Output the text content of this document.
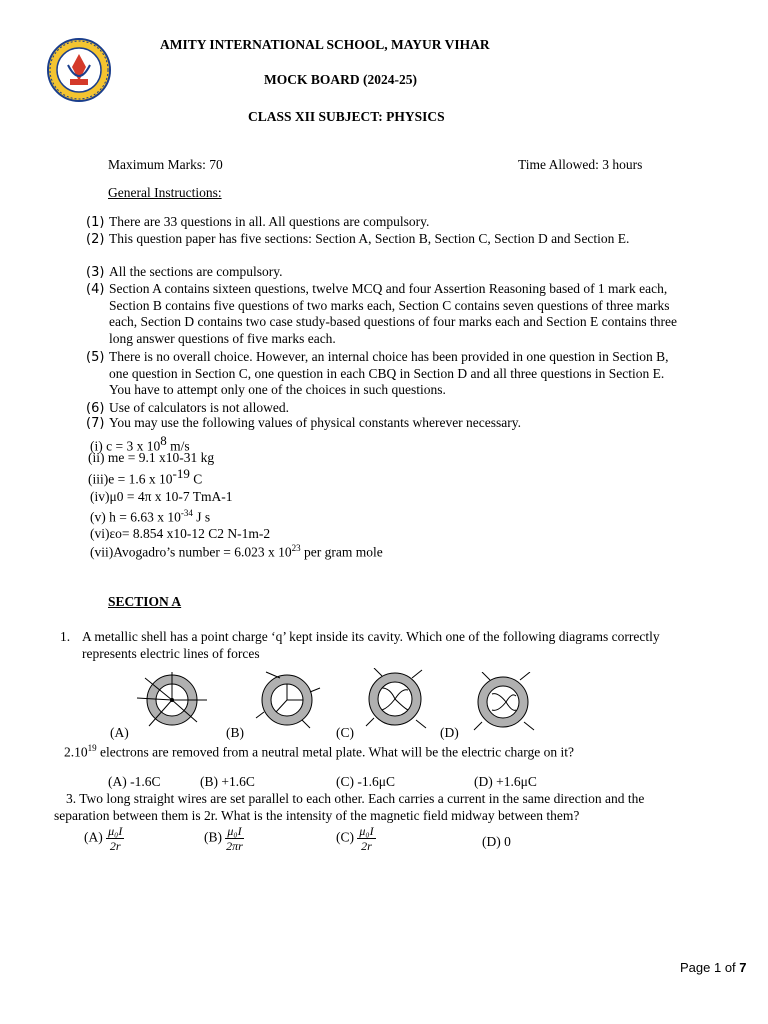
AMITY INTERNATIONAL SCHOOL, MAYUR VIHAR
MOCK BOARD (2024-25)
CLASS XII SUBJECT: PHYSICS
Maximum Marks: 70	Time Allowed: 3 hours
General Instructions:
(1) There are 33 questions in all. All questions are compulsory.
(2) This question paper has five sections: Section A, Section B, Section C, Section D and Section E.
(3) All the sections are compulsory.
(4) Section A contains sixteen questions, twelve MCQ and four Assertion Reasoning based of 1 mark each, Section B contains five questions of two marks each, Section C contains seven questions of three marks each, Section D contains two case study-based questions of four marks each and Section E contains three long answer questions of five marks each.
(5) There is no overall choice. However, an internal choice has been provided in one question in Section B, one question in Section C, one question in each CBQ in Section D and all three questions in Section E. You have to attempt only one of the choices in such questions.
(6) Use of calculators is not allowed.
(7) You may use the following values of physical constants wherever necessary.
(i) c = 3 x $10^8$ m/s
(ii) me = 9.1 x10-31 kg
(iii)e = 1.6 x $10^{-19}$ C
(iv)μ0 = 4π x 10-7 TmA-1
(v) h = 6.63 x $10^{-34}$ J s
(vi)εo= 8.854 x10-12 C2 N-1m-2
(vii)Avogadro’s number = 6.023 x $10^{23}$ per gram mole
SECTION A
1. A metallic shell has a point charge ‘q’ kept inside its cavity. Which one of the following diagrams correctly
represents electric lines of forces
(A)	(B)	(C)	(D)
2.10$^{19}$ electrons are removed from a neutral metal plate. What will be the electric charge on it?
(A) -1.6C	(B) +1.6C	(C) -1.6μC	(D) +1.6μC
3. Two long straight wires are set parallel to each other. Each carries a current in the same direction and the
separation between them is 2r. What is the intensity of the magnetic field midway between them?
$(A) \frac{\text{μ₀I}}{2r}$	$(B) \frac{\text{μ₀I}}{2\pi r}$	$(C) \frac{\text{μ₀I}}{2r}$	(D) 0
Page 1 of 7
